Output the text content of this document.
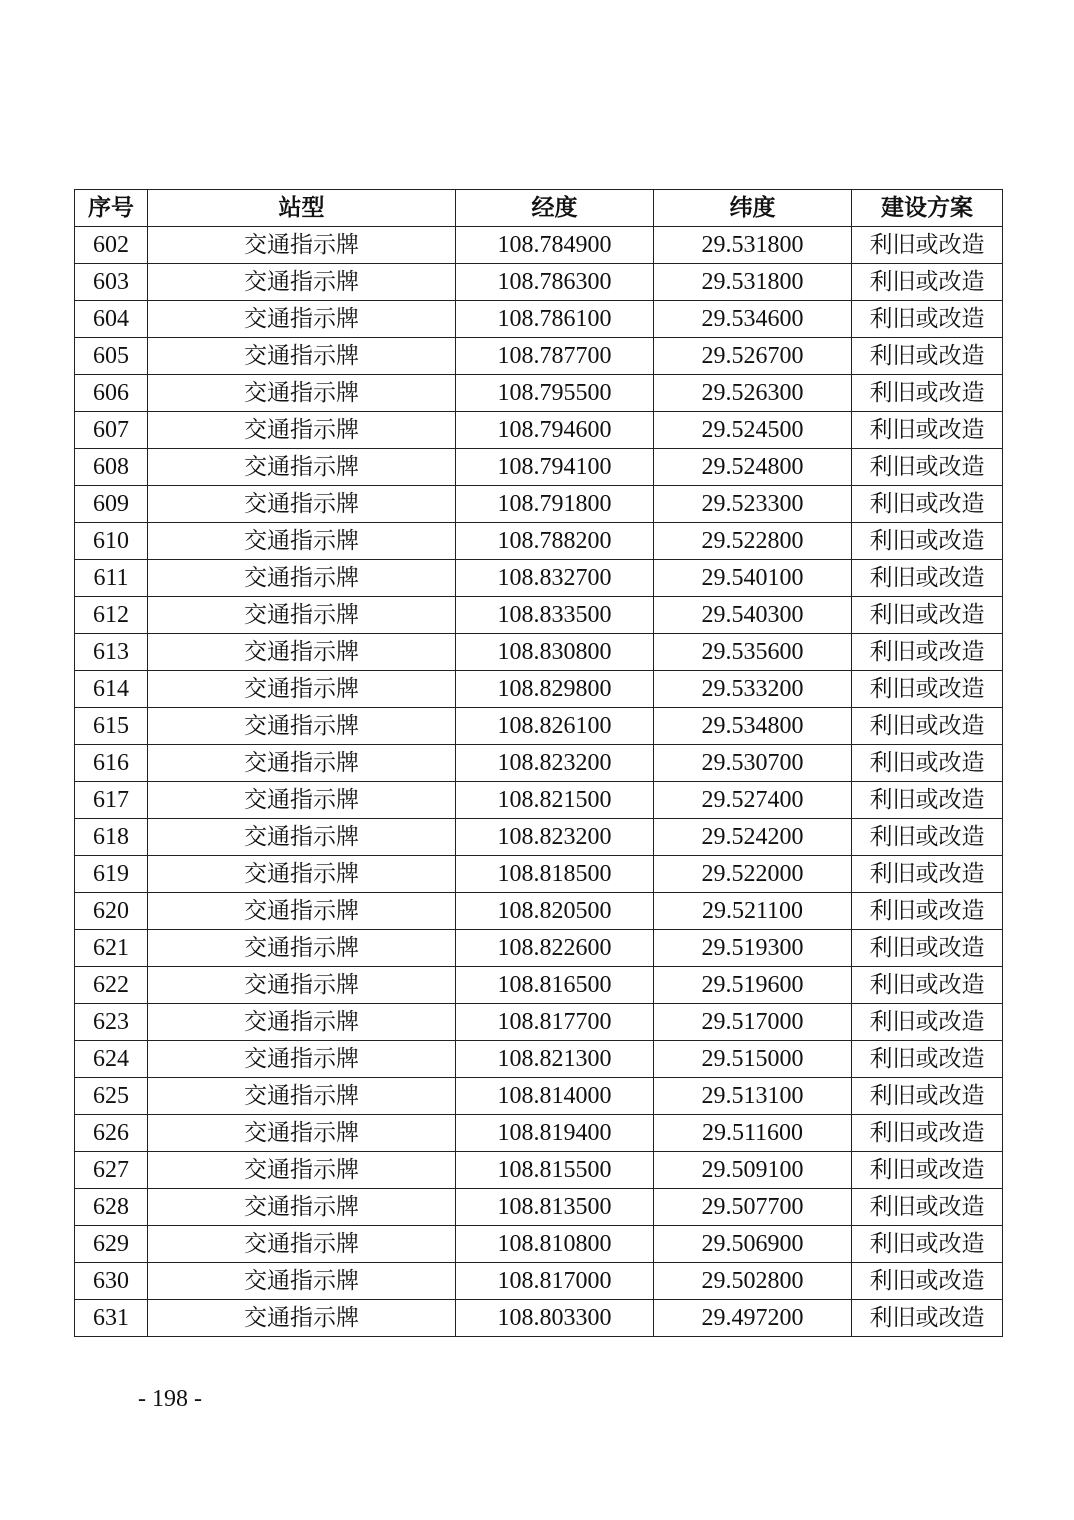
序号	站型	经度	纬度	建设方案
602	交通指示牌	108.784900	29.531800	利旧或改造
603	交通指示牌	108.786300	29.531800	利旧或改造
604	交通指示牌	108.786100	29.534600	利旧或改造
605	交通指示牌	108.787700	29.526700	利旧或改造
606	交通指示牌	108.795500	29.526300	利旧或改造
607	交通指示牌	108.794600	29.524500	利旧或改造
608	交通指示牌	108.794100	29.524800	利旧或改造
609	交通指示牌	108.791800	29.523300	利旧或改造
610	交通指示牌	108.788200	29.522800	利旧或改造
611	交通指示牌	108.832700	29.540100	利旧或改造
612	交通指示牌	108.833500	29.540300	利旧或改造
613	交通指示牌	108.830800	29.535600	利旧或改造
614	交通指示牌	108.829800	29.533200	利旧或改造
615	交通指示牌	108.826100	29.534800	利旧或改造
616	交通指示牌	108.823200	29.530700	利旧或改造
617	交通指示牌	108.821500	29.527400	利旧或改造
618	交通指示牌	108.823200	29.524200	利旧或改造
619	交通指示牌	108.818500	29.522000	利旧或改造
620	交通指示牌	108.820500	29.521100	利旧或改造
621	交通指示牌	108.822600	29.519300	利旧或改造
622	交通指示牌	108.816500	29.519600	利旧或改造
623	交通指示牌	108.817700	29.517000	利旧或改造
624	交通指示牌	108.821300	29.515000	利旧或改造
625	交通指示牌	108.814000	29.513100	利旧或改造
626	交通指示牌	108.819400	29.511600	利旧或改造
627	交通指示牌	108.815500	29.509100	利旧或改造
628	交通指示牌	108.813500	29.507700	利旧或改造
629	交通指示牌	108.810800	29.506900	利旧或改造
630	交通指示牌	108.817000	29.502800	利旧或改造
631	交通指示牌	108.803300	29.497200	利旧或改造
- 198 -
